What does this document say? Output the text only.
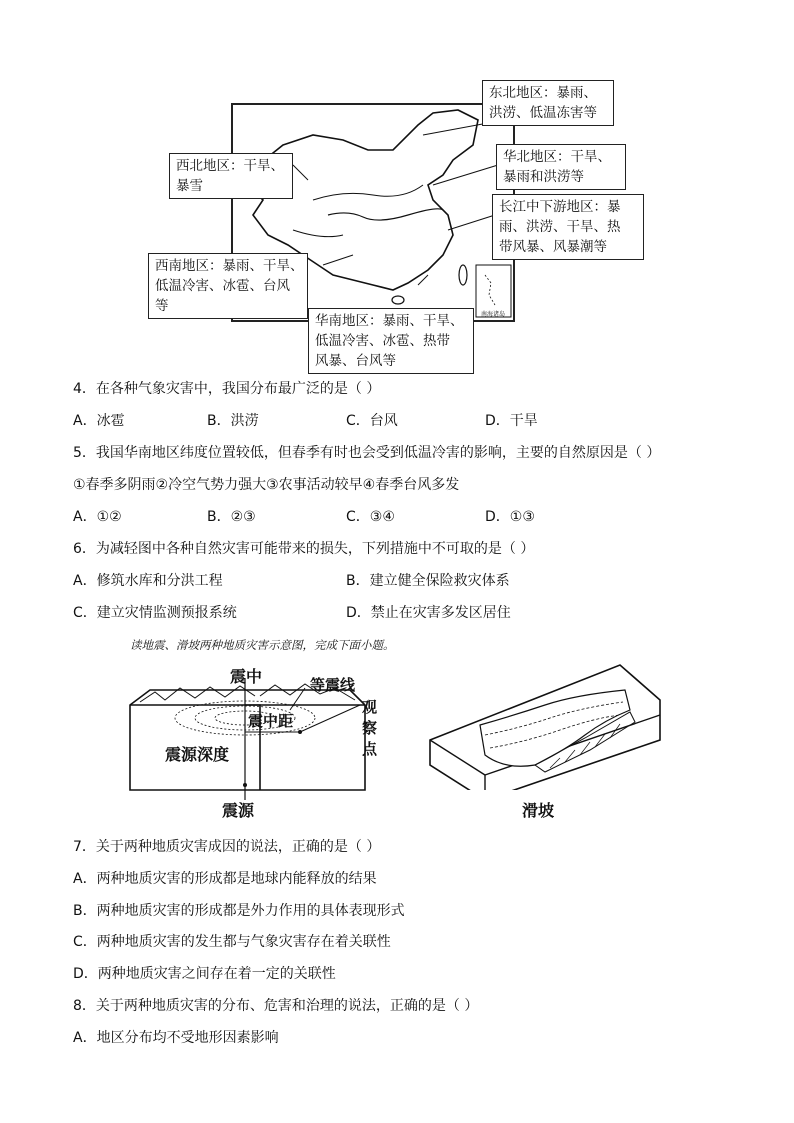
南海诸岛
东北地区：暴雨、
洪涝、低温冻害等
西北地区：干旱、
暴雪
华北地区：干旱、
暴雨和洪涝等
长江中下游地区：暴
雨、洪涝、干旱、热
带风暴、风暴潮等
西南地区：暴雨、干旱、
低温冷害、冰雹、台风
等
华南地区：暴雨、干旱、
低温冷害、冰雹、热带
风暴、台风等
4．在各种气象灾害中，我国分布最广泛的是（ ）
A．冰雹	B．洪涝	C．台风	D．干旱
5．我国华南地区纬度位置较低，但春季有时也会受到低温冷害的影响，主要的自然原因是（ ）
①春季多阴雨②冷空气势力强大③农事活动较早④春季台风多发
A．①②	B．②③	C．③④	D．①③
6．为减轻图中各种自然灾害可能带来的损失，下列措施中不可取的是（ ）
A．修筑水库和分洪工程	B．建立健全保险救灾体系
C．建立灾情监测预报系统	D．禁止在灾害多发区居住
读地震、滑坡两种地质灾害示意图，完成下面小题。
震中	等震线
观察点
震中距
震源深度
震源	滑坡
7．关于两种地质灾害成因的说法，正确的是（ ）
A．两种地质灾害的形成都是地球内能释放的结果
B．两种地质灾害的形成都是外力作用的具体表现形式
C．两种地质灾害的发生都与气象灾害存在着关联性
D．两种地质灾害之间存在着一定的关联性
8．关于两种地质灾害的分布、危害和治理的说法，正确的是（ ）
A．地区分布均不受地形因素影响
